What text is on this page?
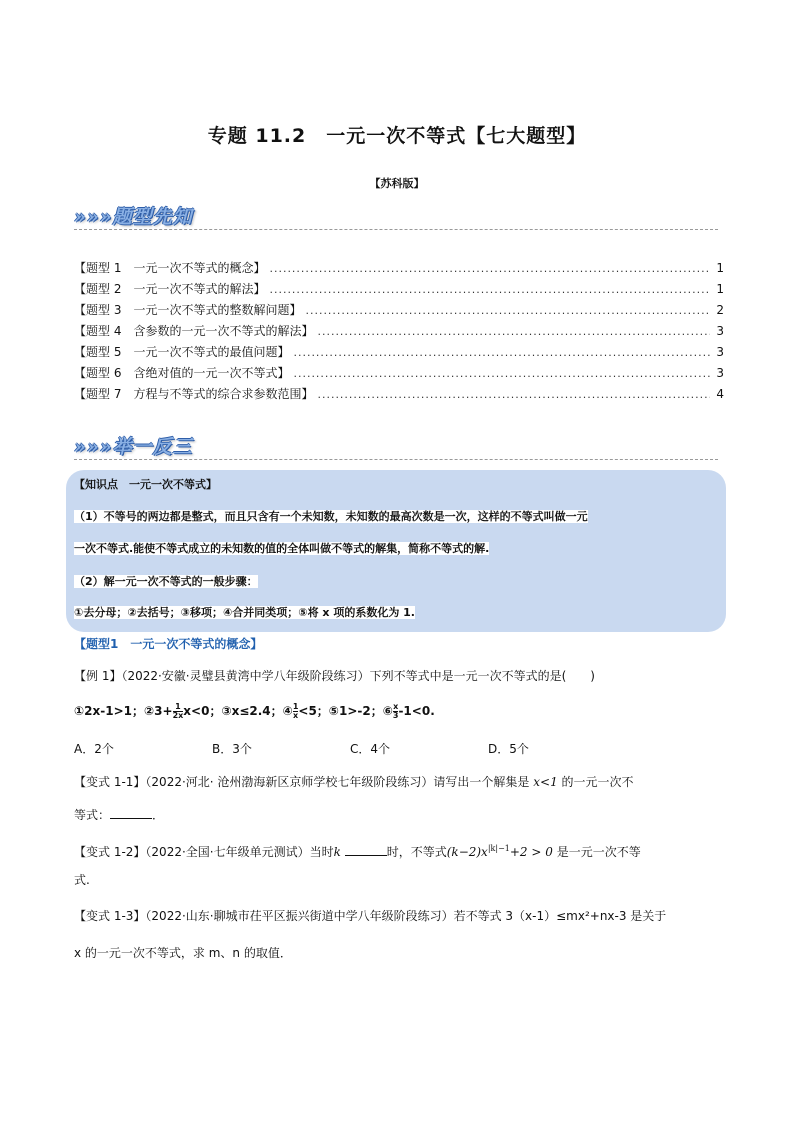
专题 11.2　一元一次不等式【七大题型】
【苏科版】
»»»题型先知
【题型 1　一元一次不等式的概念】 .....	1
【题型 2　一元一次不等式的解法】 .....	1
【题型 3　一元一次不等式的整数解问题】 .....	2
【题型 4　含参数的一元一次不等式的解法】 .....	3
【题型 5　一元一次不等式的最值问题】 .....	3
【题型 6　含绝对值的一元一次不等式】 .....	3
【题型 7　方程与不等式的综合求参数范围】 .....	4
»»»举一反三
【知识点　一元一次不等式】
（1）不等号的两边都是整式，而且只含有一个未知数，未知数的最高次数是一次，这样的不等式叫做一元
一次不等式.能使不等式成立的未知数的值的全体叫做不等式的解集，简称不等式的解.
（2）解一元一次不等式的一般步骤：
①去分母；②去括号；③移项；④合并同类项；⑤将 x 项的系数化为 1.
【题型1　一元一次不等式的概念】
【例 1】（2022·安徽·灵璧县黄湾中学八年级阶段练习）下列不等式中是一元一次不等式的是(　　)
①2x-1>1；②3+ $\frac{1}{2x} x<0$；③x≤2.4；④ $\frac{1}{x} <5$；⑤1>-2；⑥ $\frac{x}{3} -1<0$.
A．2个	B．3个	C．4个	D．5个
【变式 1-1】（2022·河北· 沧州渤海新区京师学校七年级阶段练习）请写出一个解集是 x<1 的一元一次不
等式：	．
【变式 1-2】（2022·全国·七年级单元测试）当时k	时，不等式$(k-2)x^{|k|-1}+2 > 0$ 是一元一次不等
式.
【变式 1-3】（2022·山东·聊城市茌平区振兴街道中学八年级阶段练习）若不等式 3（x-1）≤mx²+nx-3 是关于
x 的一元一次不等式，求 m、n 的取值．
